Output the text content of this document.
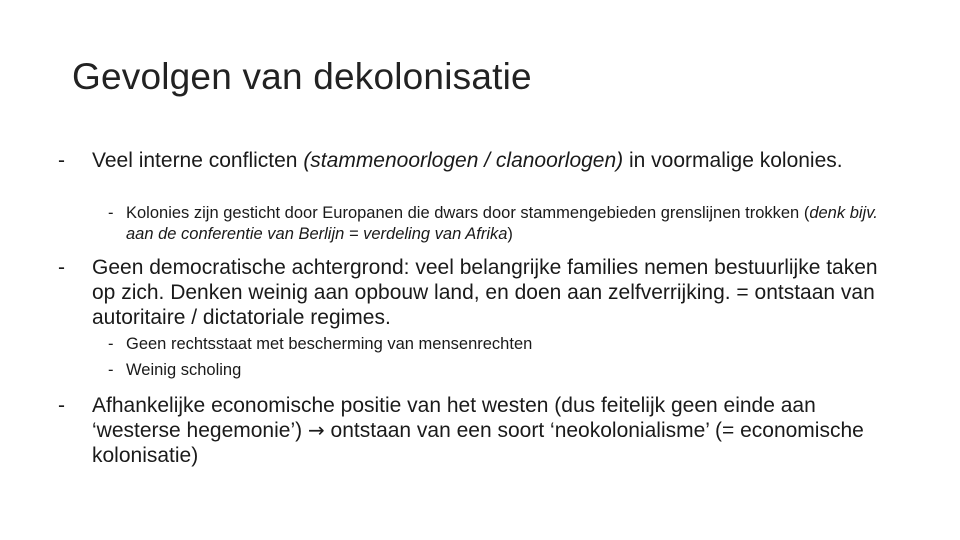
Gevolgen van dekolonisatie
-	Veel interne conflicten (stammenoorlogen / clanoorlogen) in voormalige kolonies.
- Kolonies zijn gesticht door Europanen die dwars door stammengebieden grenslijnen trokken (denk bijv. aan de conferentie van Berlijn = verdeling van Afrika)
-	Geen democratische achtergrond: veel belangrijke families nemen bestuurlijke taken op zich. Denken weinig aan opbouw land, en doen aan zelfverrijking. = ontstaan van autoritaire / dictatoriale regimes.
- Geen rechtsstaat met bescherming van mensenrechten
- Weinig scholing
-	Afhankelijke economische positie van het westen (dus feitelijk geen einde aan ‘westerse hegemonie’) → ontstaan van een soort ‘neokolonialisme’ (= economische kolonisatie)
